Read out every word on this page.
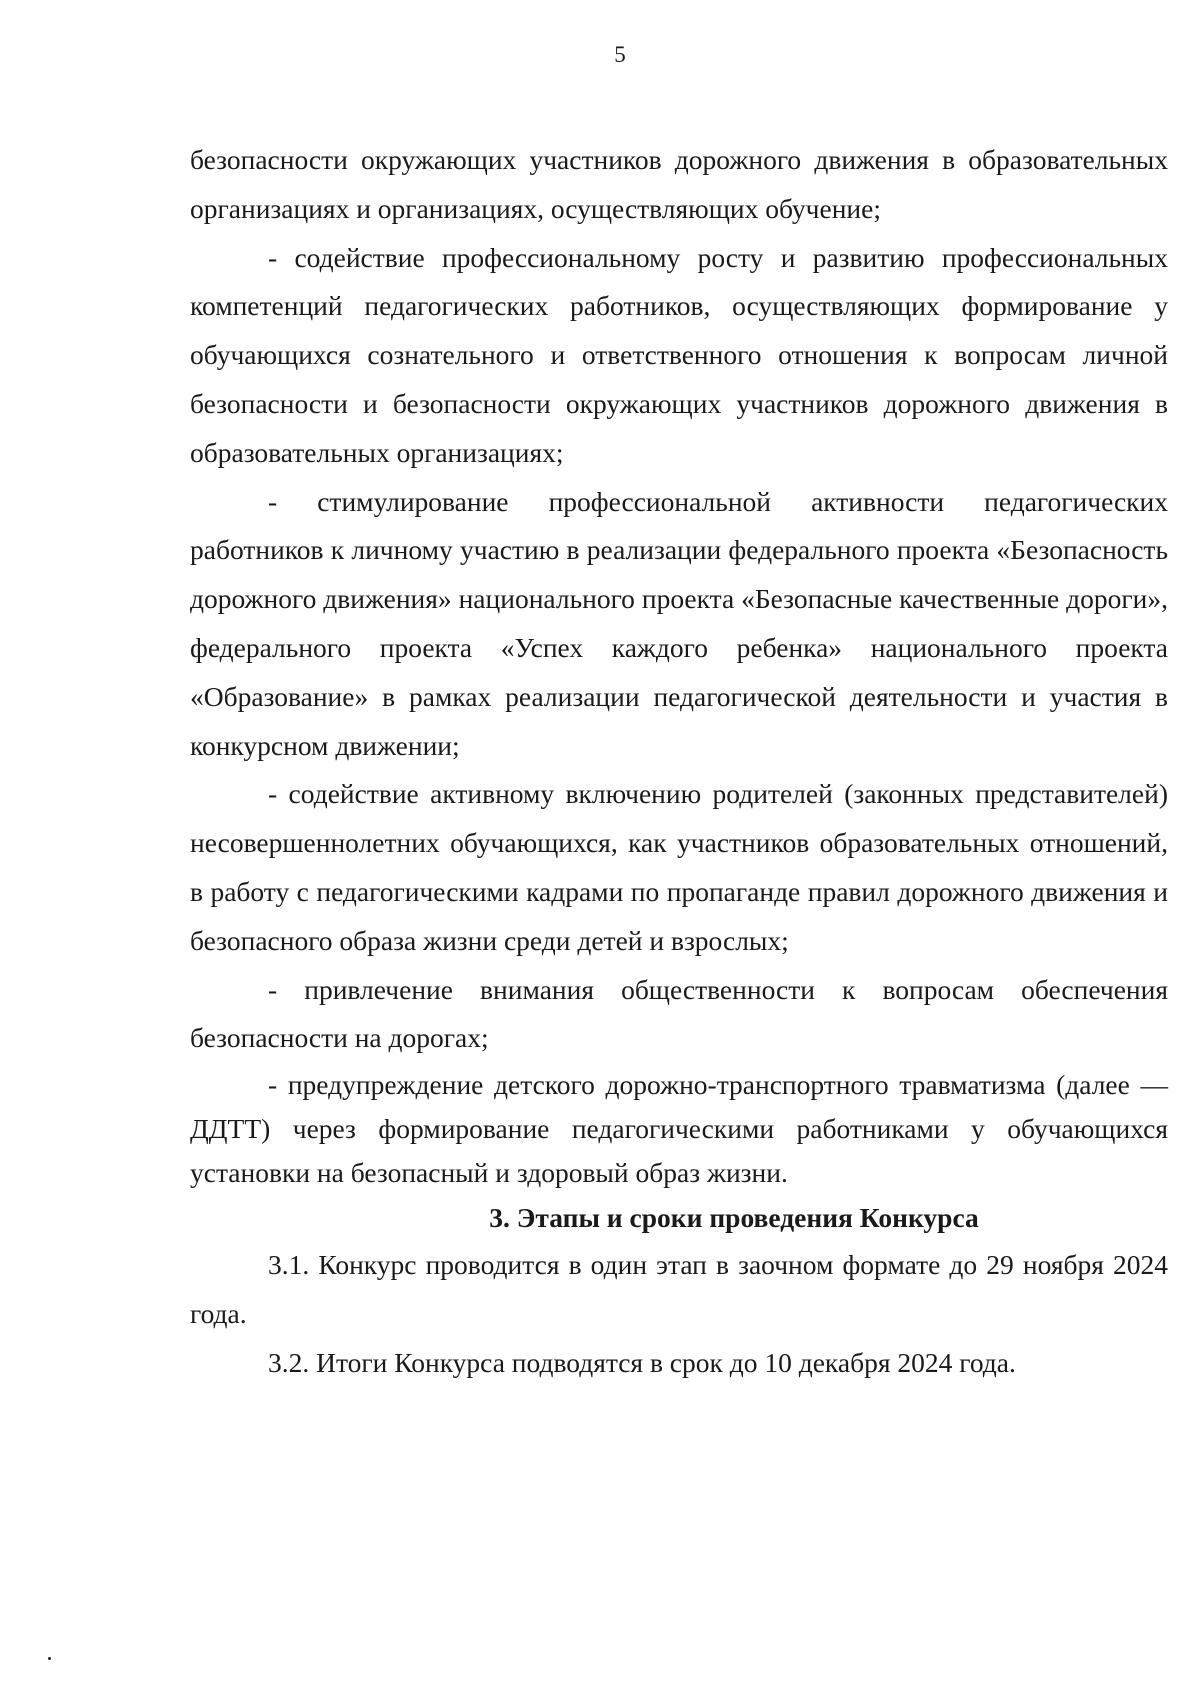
5

безопасности окружающих участников дорожного движения в образовательных организациях и организациях, осуществляющих обучение;

- содействие профессиональному росту и развитию профессиональных компетенций педагогических работников, осуществляющих формирование у обучающихся сознательного и ответственного отношения к вопросам личной безопасности и безопасности окружающих участников дорожного движения в образовательных организациях;

- стимулирование профессиональной активности педагогических работников к личному участию в реализации федерального проекта «Безопасность дорожного движения» национального проекта «Безопасные качественные дороги», федерального проекта «Успех каждого ребенка» национального проекта «Образование» в рамках реализации педагогической деятельности и участия в конкурсном движении;

- содействие активному включению родителей (законных представителей) несовершеннолетних обучающихся, как участников образовательных отношений, в работу с педагогическими кадрами по пропаганде правил дорожного движения и безопасного образа жизни среди детей и взрослых;

- привлечение внимания общественности к вопросам обеспечения безопасности на дорогах;

- предупреждение детского дорожно-транспортного травматизма (далее — ДДТТ) через формирование педагогическими работниками у обучающихся установки на безопасный и здоровый образ жизни.

3. Этапы и сроки проведения Конкурса

3.1. Конкурс проводится в один этап в заочном формате до 29 ноября 2024 года.

3.2. Итоги Конкурса подводятся в срок до 10 декабря 2024 года.
